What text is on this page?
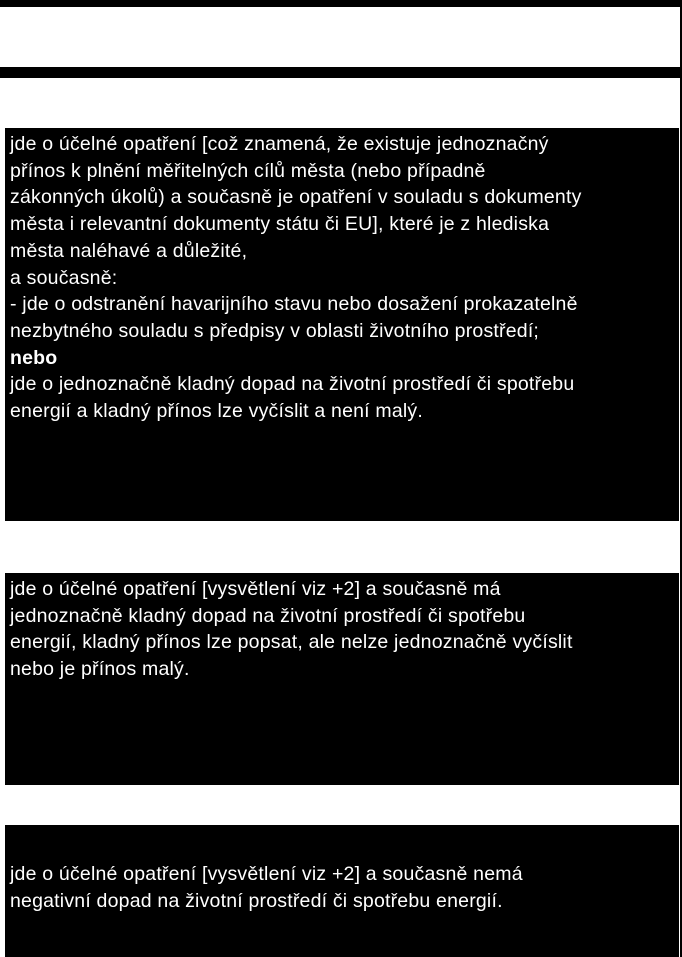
jde o účelné opatření [což znamená, že existuje jednoznačný
přínos k plnění měřitelných cílů města (nebo případně
zákonných úkolů) a současně je opatření v souladu s dokumenty
města i relevantní dokumenty státu či EU], které je z hlediska
města naléhavé a důležité,
a současně:
- jde o odstranění havarijního stavu nebo dosažení prokazatelně
nezbytného souladu s předpisy v oblasti životního prostředí;
nebo
jde o jednoznačně kladný dopad na životní prostředí či spotřebu
energií a kladný přínos lze vyčíslit a není malý.
jde o účelné opatření [vysvětlení viz +2] a současně má
jednoznačně kladný dopad na životní prostředí či spotřebu
energií, kladný přínos lze popsat, ale nelze jednoznačně vyčíslit
nebo je přínos malý.
jde o účelné opatření [vysvětlení viz +2] a současně nemá
negativní dopad na životní prostředí či spotřebu energií.
